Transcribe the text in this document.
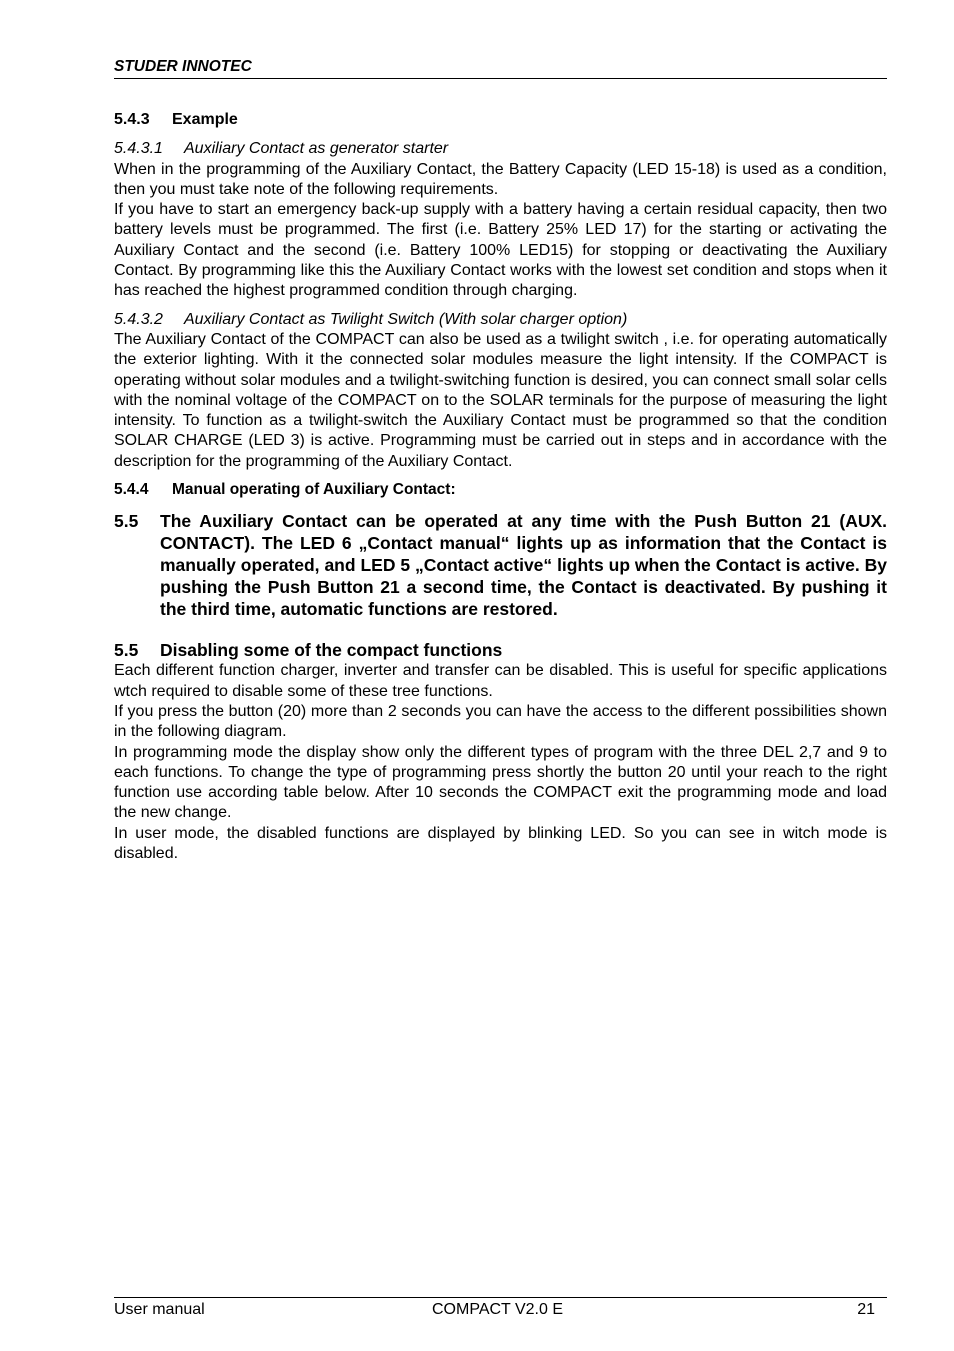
STUDER INNOTEC
5.4.3 Example
5.4.3.1 Auxiliary Contact as generator starter

When in the programming of the Auxiliary Contact, the Battery Capacity (LED 15-18) is used as a condition, then you must take note of the following requirements.

If you have to start an emergency back-up supply with a battery having a certain residual capacity, then two battery levels must be programmed. The first (i.e. Battery 25% LED 17) for the starting or activating the Auxiliary Contact and the second (i.e. Battery 100% LED15) for stopping or deactivating the Auxiliary Contact. By programming like this the Auxiliary Contact works with the lowest set condition and stops when it has reached the highest programmed condition through charging.

5.4.3.2 Auxiliary Contact as Twilight Switch (With solar charger option)

The Auxiliary Contact of the COMPACT can also be used as a twilight switch , i.e. for operating automatically the exterior lighting. With it the connected solar modules measure the light intensity. If the COMPACT is operating without solar modules and a twilight-switching function is desired, you can connect small solar cells with the nominal voltage of the COMPACT on to the SOLAR terminals for the purpose of measuring the light intensity. To function as a twilight-switch the Auxiliary Contact must be programmed so that the condition SOLAR CHARGE (LED 3) is active. Programming must be carried out in steps and in accordance with the description for the programming of the Auxiliary Contact.

5.4.4 Manual operating of Auxiliary Contact:
5.5	The Auxiliary Contact can be operated at any time with the Push Button 21 (AUX. CONTACT). The LED 6 „Contact manual“ lights up as information that the Contact is manually operated, and LED 5 „Contact active“ lights up when the Contact is active. By pushing the Push Button 21 a second time, the Contact is deactivated. By pushing it the third time, automatic functions are restored.
5.5 Disabling some of the compact functions

Each different function charger, inverter and transfer can be disabled. This is useful for specific applications wtch required to disable some of these tree functions.

If you press the button (20) more than 2 seconds you can have the access to the different possibilities shown in the following diagram.

In programming mode the display show only the different types of program with the three DEL 2,7 and 9 to each functions. To change the type of programming press shortly the button 20 until your reach to the right function use according table below. After 10 seconds the COMPACT exit the programming mode and load the new change.

In user mode, the disabled functions are displayed by blinking LED. So you can see in witch mode is disabled.

User manual	COMPACT V2.0 E	21
